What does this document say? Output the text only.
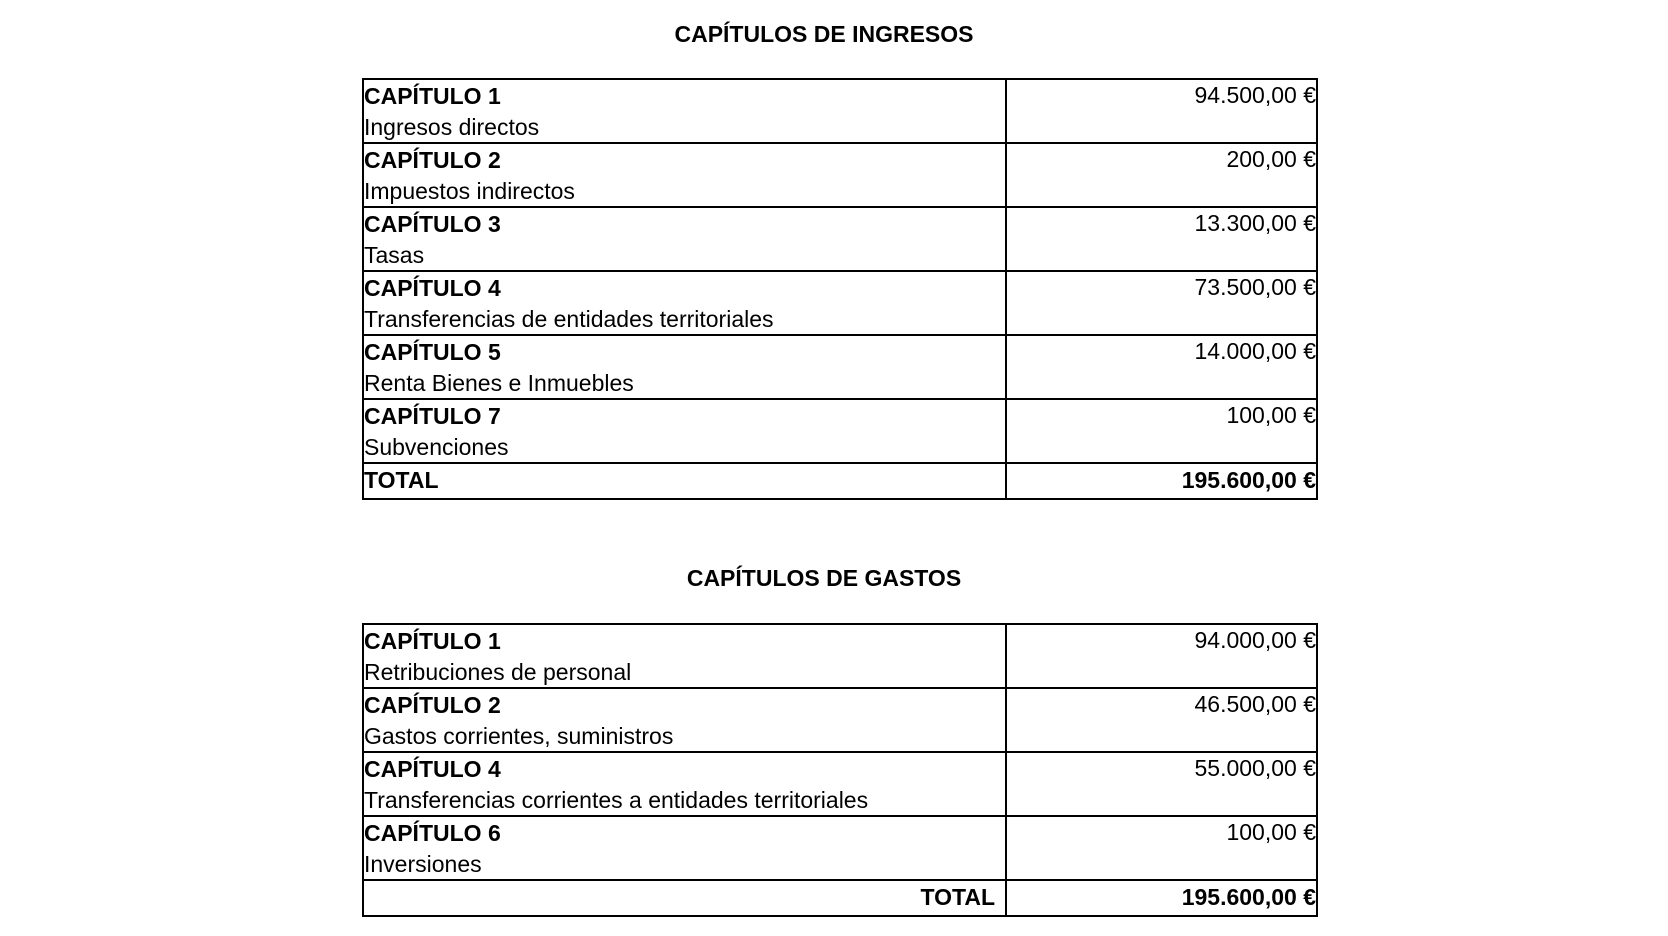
CAPÍTULOS DE INGRESOS
CAPÍTULO 1
Ingresos directos	94.500,00 €

CAPÍTULO 2
Impuestos indirectos	200,00 €

CAPÍTULO 3
Tasas	13.300,00 €

CAPÍTULO 4
Transferencias de entidades territoriales	73.500,00 €

CAPÍTULO 5
Renta Bienes e Inmuebles	14.000,00 €

CAPÍTULO 7
Subvenciones	100,00 €
TOTAL	195.600,00 €
CAPÍTULOS DE GASTOS
CAPÍTULO 1
Retribuciones de personal	94.000,00 €

CAPÍTULO 2
Gastos corrientes, suministros	46.500,00 €

CAPÍTULO 4
Transferencias corrientes a entidades territoriales	55.000,00 €

CAPÍTULO 6
Inversiones	100,00 €
TOTAL	195.600,00 €
